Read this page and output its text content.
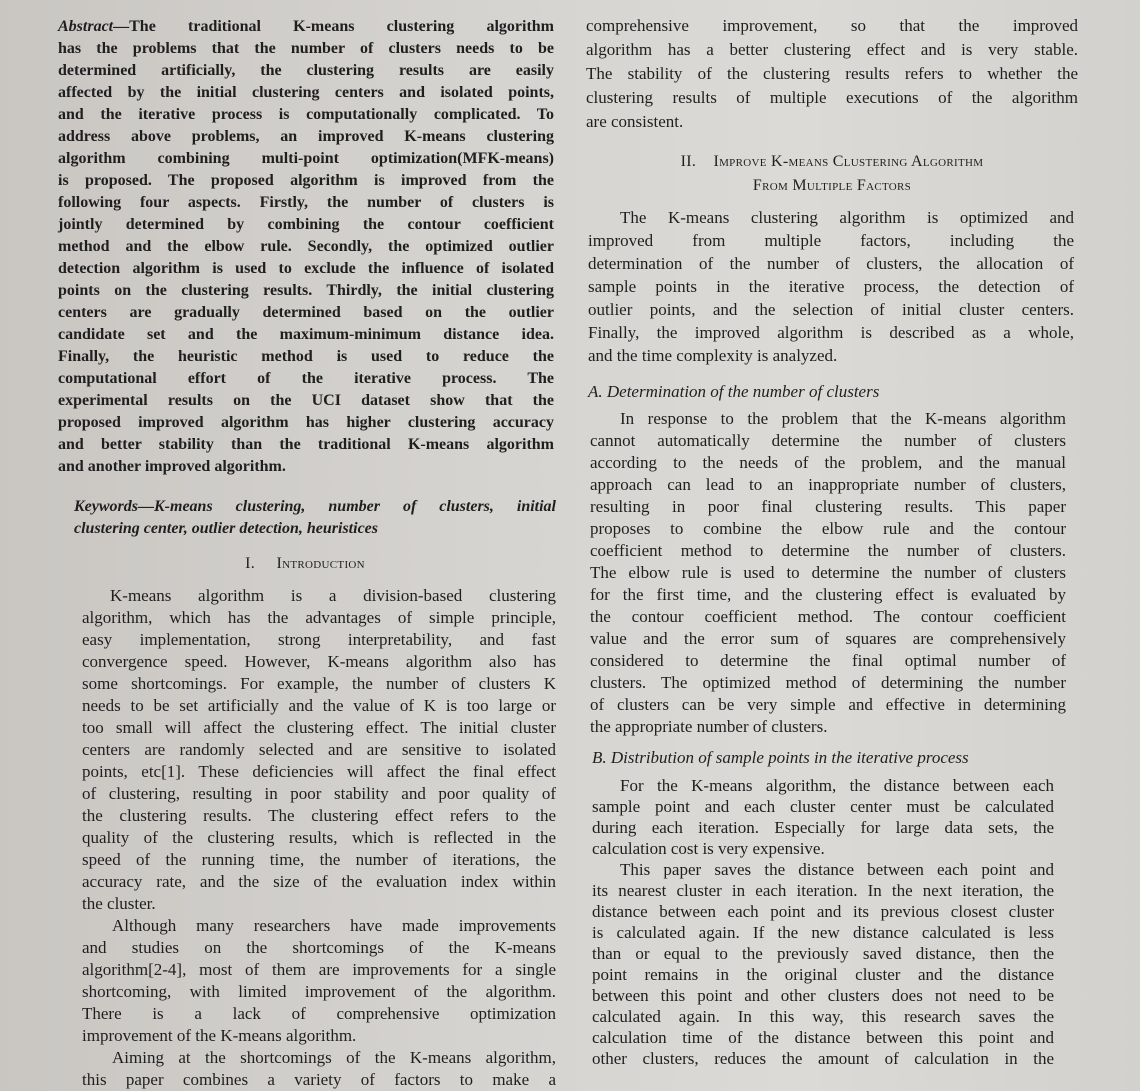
Abstract—The traditional K-means clustering algorithm
has the problems that the number of clusters needs to be
determined artificially, the clustering results are easily
affected by the initial clustering centers and isolated points,
and the iterative process is computationally complicated. To
address above problems, an improved K-means clustering
algorithm combining multi-point optimization(MFK-means)
is proposed. The proposed algorithm is improved from the
following four aspects. Firstly, the number of clusters is
jointly determined by combining the contour coefficient
method and the elbow rule. Secondly, the optimized outlier
detection algorithm is used to exclude the influence of isolated
points on the clustering results. Thirdly, the initial clustering
centers are gradually determined based on the outlier
candidate set and the maximum-minimum distance idea.
Finally, the heuristic method is used to reduce the
computational effort of the iterative process. The
experimental results on the UCI dataset show that the
proposed improved algorithm has higher clustering accuracy
and better stability than the traditional K-means algorithm
and another improved algorithm.
Keywords—K-means clustering, number of clusters, initial
clustering center, outlier detection, heuristices
I. Introduction
K-means algorithm is a division-based clustering
algorithm, which has the advantages of simple principle,
easy implementation, strong interpretability, and fast
convergence speed. However, K-means algorithm also has
some shortcomings. For example, the number of clusters K
needs to be set artificially and the value of K is too large or
too small will affect the clustering effect. The initial cluster
centers are randomly selected and are sensitive to isolated
points, etc[1]. These deficiencies will affect the final effect
of clustering, resulting in poor stability and poor quality of
the clustering results. The clustering effect refers to the
quality of the clustering results, which is reflected in the
speed of the running time, the number of iterations, the
accuracy rate, and the size of the evaluation index within
the cluster.
Although many researchers have made improvements
and studies on the shortcomings of the K-means
algorithm[2-4], most of them are improvements for a single
shortcoming, with limited improvement of the algorithm.
There is a lack of comprehensive optimization
improvement of the K-means algorithm.
Aiming at the shortcomings of the K-means algorithm,
this paper combines a variety of factors to make a
comprehensive improvement, so that the improved
algorithm has a better clustering effect and is very stable.
The stability of the clustering results refers to whether the
clustering results of multiple executions of the algorithm
are consistent.
II. Improve K-means Clustering Algorithm
From Multiple Factors
The K-means clustering algorithm is optimized and
improved from multiple factors, including the
determination of the number of clusters, the allocation of
sample points in the iterative process, the detection of
outlier points, and the selection of initial cluster centers.
Finally, the improved algorithm is described as a whole,
and the time complexity is analyzed.
A. Determination of the number of clusters
In response to the problem that the K-means algorithm
cannot automatically determine the number of clusters
according to the needs of the problem, and the manual
approach can lead to an inappropriate number of clusters,
resulting in poor final clustering results. This paper
proposes to combine the elbow rule and the contour
coefficient method to determine the number of clusters.
The elbow rule is used to determine the number of clusters
for the first time, and the clustering effect is evaluated by
the contour coefficient method. The contour coefficient
value and the error sum of squares are comprehensively
considered to determine the final optimal number of
clusters. The optimized method of determining the number
of clusters can be very simple and effective in determining
the appropriate number of clusters.
B. Distribution of sample points in the iterative process
For the K-means algorithm, the distance between each
sample point and each cluster center must be calculated
during each iteration. Especially for large data sets, the
calculation cost is very expensive.
This paper saves the distance between each point and
its nearest cluster in each iteration. In the next iteration, the
distance between each point and its previous closest cluster
is calculated again. If the new distance calculated is less
than or equal to the previously saved distance, then the
point remains in the original cluster and the distance
between this point and other clusters does not need to be
calculated again. In this way, this research saves the
calculation time of the distance between this point and
other clusters, reduces the amount of calculation in the
